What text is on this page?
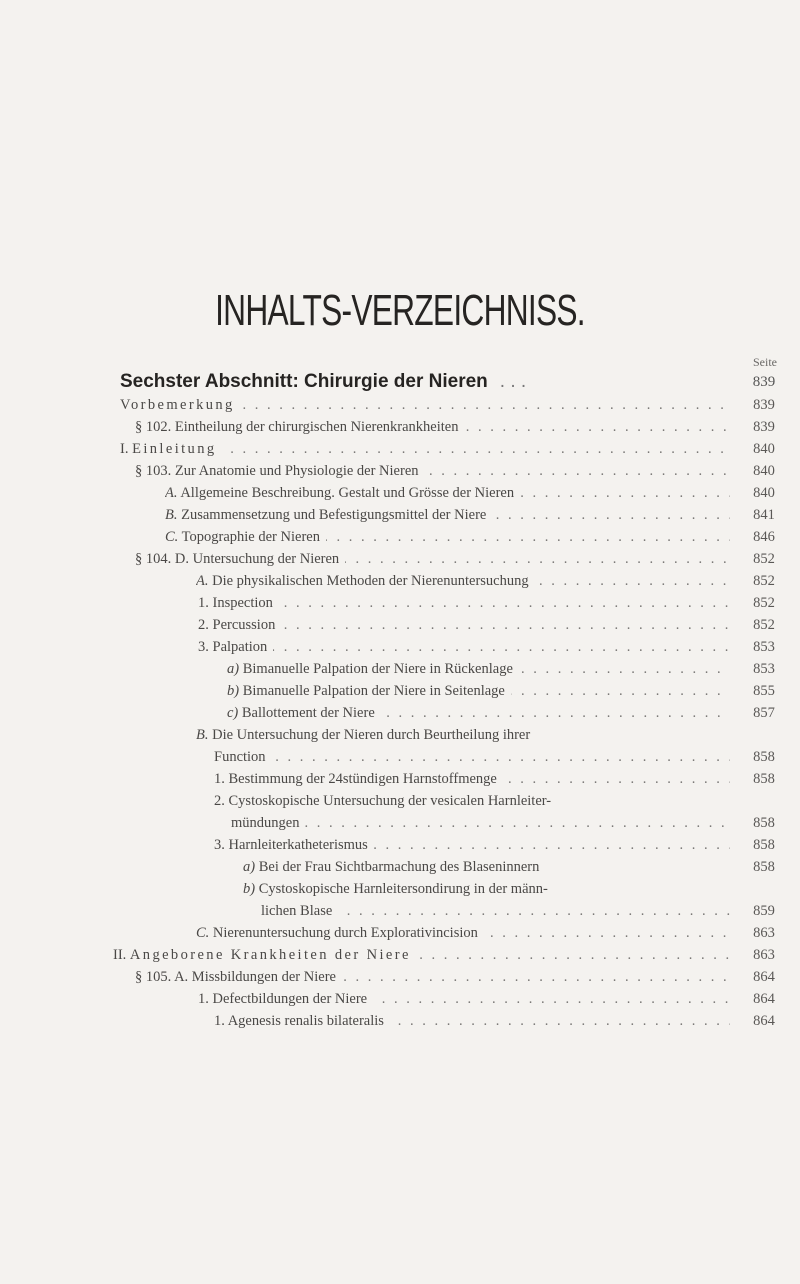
INHALTS-VERZEICHNISS.
Seite
Sechster Abschnitt: Chirurgie der Nieren . . .	839
Vorbemerkung . . .	839
§ 102. Eintheilung der chirurgischen Nierenkrankheiten . . .	839
I. Einleitung . . .	840
§ 103. Zur Anatomie und Physiologie der Nieren . . .	840
A. Allgemeine Beschreibung. Gestalt und Grösse der Nieren . . .	840
B. Zusammensetzung und Befestigungsmittel der Niere . . .	841
C. Topographie der Nieren . . .	846
§ 104. D. Untersuchung der Nieren . . .	852
A. Die physikalischen Methoden der Nierenuntersuchung . . .	852
1. Inspection . . .	852
2. Percussion . . .	852
3. Palpation . . .	853
a) Bimanuelle Palpation der Niere in Rückenlage . . .	853
b) Bimanuelle Palpation der Niere in Seitenlage . . .	855
c) Ballottement der Niere . . .	857
B. Die Untersuchung der Nieren durch Beurtheilung ihrer
Function . . .	858
1. Bestimmung der 24stündigen Harnstoffmenge . . .	858
2. Cystoskopische Untersuchung der vesicalen Harnleiter-
mündungen . . .	858
3. Harnleiterkatheterismus . . .	858
a) Bei der Frau Sichtbarmachung des Blaseninnern	858
b) Cystoskopische Harnleitersondirung in der männ-
lichen Blase . . .	859
C. Nierenuntersuchung durch Explorativincision . . .	863
II. Angeborene Krankheiten der Niere . . .	863
§ 105. A. Missbildungen der Niere . . .	864
1. Defectbildungen der Niere . . .	864
1. Agenesis renalis bilateralis . . .	864
